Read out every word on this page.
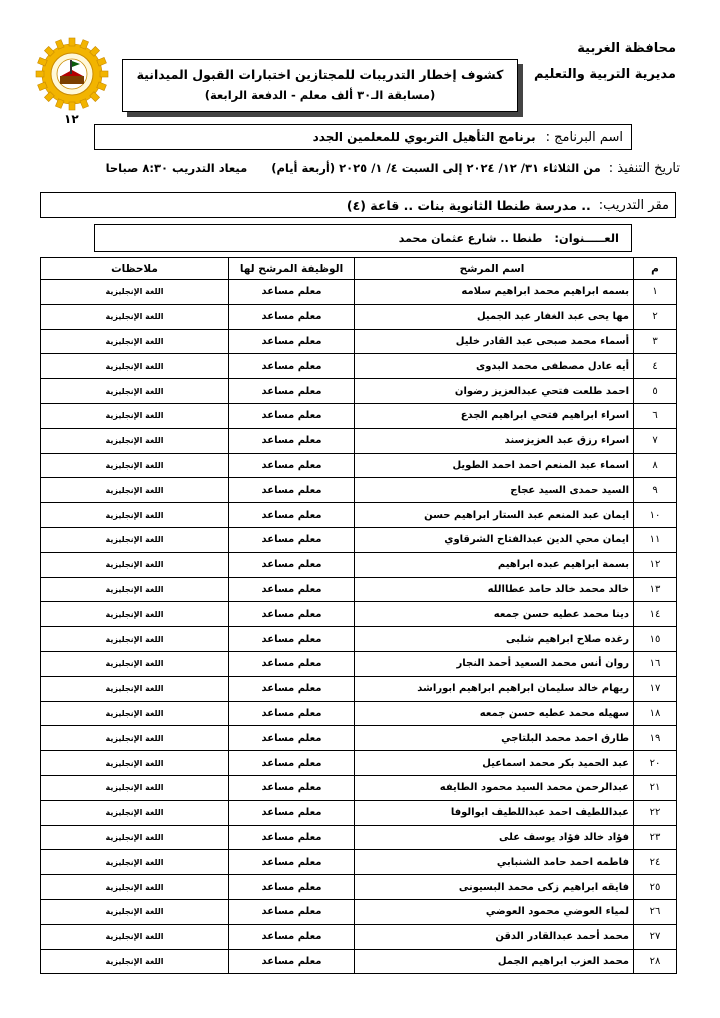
محافظة الغربية
مديرية التربية والتعليم
كشوف إخطار التدريبات للمجتازين اختبارات القبول الميدانية
(مسابقة الـ٣٠ ألف معلم - الدفعة الرابعة)
١٢
اسم البرنامج :
برنامج التأهيل التربوي للمعلمين الجدد
تاريخ التنفيذ :
من الثلاثاء ٣١/ ١٢/ ٢٠٢٤ إلى السبت ٤/ ١/ ٢٠٢٥ (أربعة أيام)
ميعاد التدريب ٨:٣٠ صباحا
مقر التدريب:
.. مدرسة طنطا الثانوية بنات .. قاعة (٤)
العـــــنوان:
طنطا .. شارع عثمان محمد
م	اسم المرشح	الوظيفة المرشح لها	ملاحظات
١	بسمه ابراهيم محمد ابراهيم سلامه	معلم مساعد	اللغة الإنجليزية
٢	مها يحى عبد الغفار عبد الجميل	معلم مساعد	اللغة الإنجليزية
٣	أسماء محمد صبحى عبد القادر خليل	معلم مساعد	اللغة الإنجليزية
٤	أيه عادل مصطفى محمد البدوى	معلم مساعد	اللغة الإنجليزية
٥	احمد طلعت فتحي عبدالعزيز رضوان	معلم مساعد	اللغة الإنجليزية
٦	اسراء ابراهيم فتحي ابراهيم الجدع	معلم مساعد	اللغة الإنجليزية
٧	اسراء رزق عبد العزيزسند	معلم مساعد	اللغة الإنجليزية
٨	اسماء عبد المنعم احمد احمد الطويل	معلم مساعد	اللغة الإنجليزية
٩	السيد حمدى السيد عجاج	معلم مساعد	اللغة الإنجليزية
١٠	ايمان عبد المنعم عبد الستار ابراهيم حسن	معلم مساعد	اللغة الإنجليزية
١١	ايمان محي الدين عبدالفتاح الشرقاوي	معلم مساعد	اللغة الإنجليزية
١٢	بسمة ابراهيم عبده ابراهيم	معلم مساعد	اللغة الإنجليزية
١٣	خالد محمد خالد حامد عطاالله	معلم مساعد	اللغة الإنجليزية
١٤	دينا محمد عطيه حسن جمعه	معلم مساعد	اللغة الإنجليزية
١٥	رغده صلاح ابراهيم شلبى	معلم مساعد	اللغة الإنجليزية
١٦	روان أنس محمد السعيد أحمد النجار	معلم مساعد	اللغة الإنجليزية
١٧	ريهام خالد سليمان ابراهيم ابراهيم ابوراشد	معلم مساعد	اللغة الإنجليزية
١٨	سهيله محمد عطيه حسن جمعه	معلم مساعد	اللغة الإنجليزية
١٩	طارق احمد محمد البلتاجي	معلم مساعد	اللغة الإنجليزية
٢٠	عبد الحميد بكر محمد اسماعيل	معلم مساعد	اللغة الإنجليزية
٢١	عبدالرحمن محمد السيد محمود الطايفه	معلم مساعد	اللغة الإنجليزية
٢٢	عبداللطيف احمد عبداللطيف ابوالوفا	معلم مساعد	اللغة الإنجليزية
٢٣	فؤاد خالد فؤاد يوسف على	معلم مساعد	اللغة الإنجليزية
٢٤	فاطمه احمد حامد الشنبابي	معلم مساعد	اللغة الإنجليزية
٢٥	فايقه ابراهيم زكى محمد البسيونى	معلم مساعد	اللغة الإنجليزية
٢٦	لمياء العوضي محمود العوضي	معلم مساعد	اللغة الإنجليزية
٢٧	محمد أحمد عبدالقادر الدقن	معلم مساعد	اللغة الإنجليزية
٢٨	محمد العزب ابراهيم الجمل	معلم مساعد	اللغة الإنجليزية
